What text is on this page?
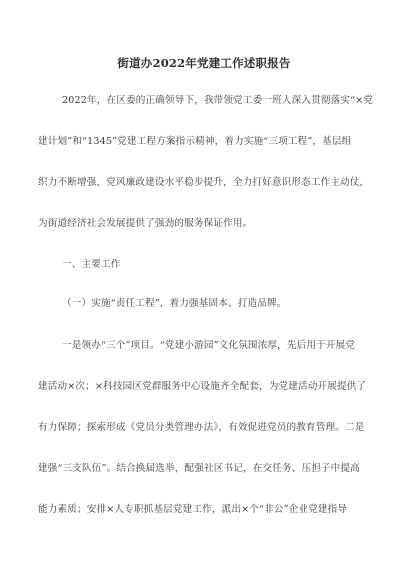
街道办2022年党建工作述职报告
2022年，在区委的正确领导下，我带领党工委一班人深入贯彻落实“×党
建计划”和“1345”党建工程方案指示精神，着力实施“三项工程”，基层组
织力不断增强，党风廉政建设水平稳步提升，全力打好意识形态工作主动仗，
为街道经济社会发展提供了强劲的服务保证作用。
一、主要工作
（一）实施“责任工程”，着力强基固本、打造品牌。
一是领办“三个”项目。“党建小游园”文化氛围浓厚，先后用于开展党
建活动×次；×科技园区党群服务中心设施齐全配套，为党建活动开展提供了
有力保障；探索形成《党员分类管理办法》，有效促进党员的教育管理。二是
建强“三支队伍”。结合换届选举，配强社区书记，在交任务、压担子中提高
能力素质；安排×人专职抓基层党建工作，派出×个“非公”企业党建指导
